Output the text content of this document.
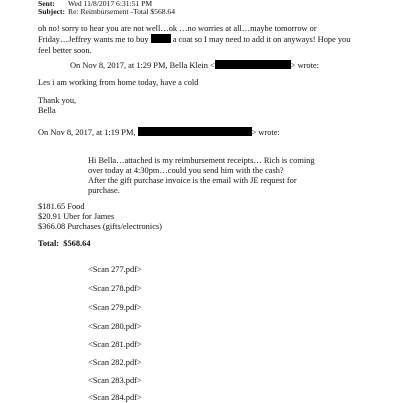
Sent: Wed 11/8/2017 6:31:51 PM
Subject: Re: Reimbursement -Total $568.64
oh no! sorry to hear you are not well…ok …no worries at all…maybe tomorrow or
Friday…Jeffrey wants me to buy	a coat so I may need to add it on anyways! Hope you
feel better soon.
On Nov 8, 2017, at 1:29 PM, Bella Klein <	> wrote:
Les i am working from home today, have a cold
Thank you,
Bella
On Nov 8, 2017, at 1:19 PM,	> wrote:
Hi Bella…attached is my reimbursement receipts… Rich is coming
over today at 4:30pm…could you send him with the cash?
After the gift purchase invoice is the email with JE request for
purchase.
$181.65 Food
$20.91 Uber for James
$366.08 Purchases (gifts/electronics)
Total: $568.64
<Scan 277.pdf>
<Scan 278.pdf>
<Scan 279.pdf>
<Scan 280.pdf>
<Scan 281.pdf>
<Scan 282.pdf>
<Scan 283.pdf>
<Scan 284.pdf>
